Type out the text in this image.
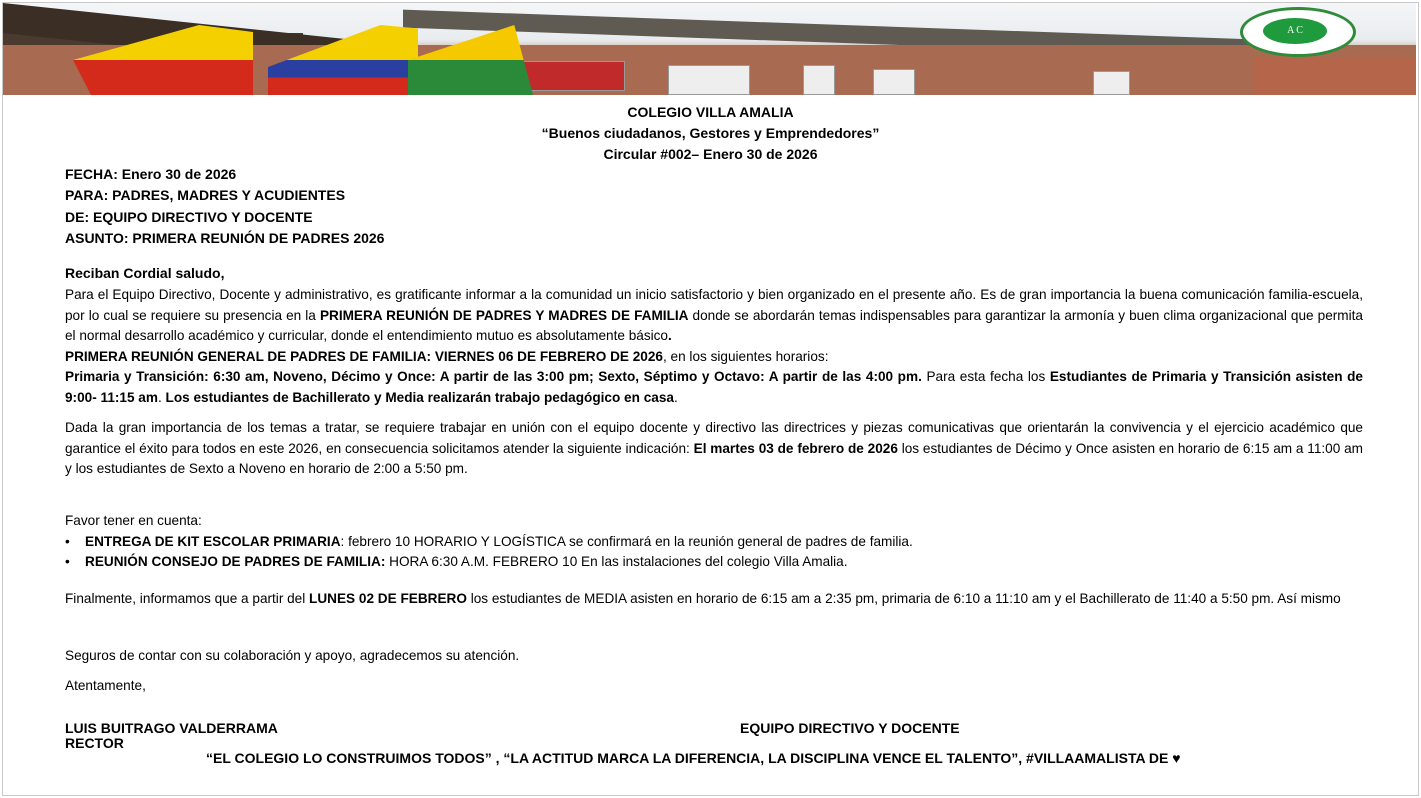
A C
COLEGIO VILLA AMALIA
“Buenos ciudadanos, Gestores y Emprendedores”
Circular #002– Enero 30 de 2026
FECHA: Enero 30 de 2026
PARA: PADRES, MADRES Y ACUDIENTES
DE: EQUIPO DIRECTIVO Y DOCENTE
ASUNTO: PRIMERA REUNIÓN DE PADRES 2026
Reciban Cordial saludo,
Para el Equipo Directivo, Docente y administrativo, es gratificante informar a la comunidad un inicio satisfactorio y bien organizado en el presente año. Es de gran importancia la buena comunicación familia-escuela, por lo cual se requiere su presencia en la PRIMERA REUNIÓN DE PADRES Y MADRES DE FAMILIA donde se abordarán temas indispensables para garantizar la armonía y buen clima organizacional que permita el normal desarrollo académico y curricular, donde el entendimiento mutuo es absolutamente básico.
PRIMERA REUNIÓN GENERAL DE PADRES DE FAMILIA: VIERNES 06 DE FEBRERO DE 2026, en los siguientes horarios:
Primaria y Transición: 6:30 am, Noveno, Décimo y Once: A partir de las 3:00 pm; Sexto, Séptimo y Octavo: A partir de las 4:00 pm. Para esta fecha los Estudiantes de Primaria y Transición asisten de 9:00- 11:15 am. Los estudiantes de Bachillerato y Media realizarán trabajo pedagógico en casa.
Dada la gran importancia de los temas a tratar, se requiere trabajar en unión con el equipo docente y directivo las directrices y piezas comunicativas que orientarán la convivencia y el ejercicio académico que garantice el éxito para todos en este 2026, en consecuencia solicitamos atender la siguiente indicación: El martes 03 de febrero de 2026 los estudiantes de Décimo y Once asisten en horario de 6:15 am a 11:00 am y los estudiantes de Sexto a Noveno en horario de 2:00 a 5:50 pm.
Favor tener en cuenta:
• ENTREGA DE KIT ESCOLAR PRIMARIA: febrero 10 HORARIO Y LOGÍSTICA se confirmará en la reunión general de padres de familia.
• REUNIÓN CONSEJO DE PADRES DE FAMILIA: HORA 6:30 A.M. FEBRERO 10 En las instalaciones del colegio Villa Amalia.
Finalmente, informamos que a partir del LUNES 02 DE FEBRERO los estudiantes de MEDIA asisten en horario de 6:15 am a 2:35 pm, primaria de 6:10 a 11:10 am y el Bachillerato de 11:40 a 5:50 pm. Así mismo
Seguros de contar con su colaboración y apoyo, agradecemos su atención.
Atentamente,
LUIS BUITRAGO VALDERRAMA
RECTOR
EQUIPO DIRECTIVO Y DOCENTE
“EL COLEGIO LO CONSTRUIMOS TODOS” , “LA ACTITUD MARCA LA DIFERENCIA, LA DISCIPLINA VENCE EL TALENTO”, #VILLAAMALISTA DE ♥
